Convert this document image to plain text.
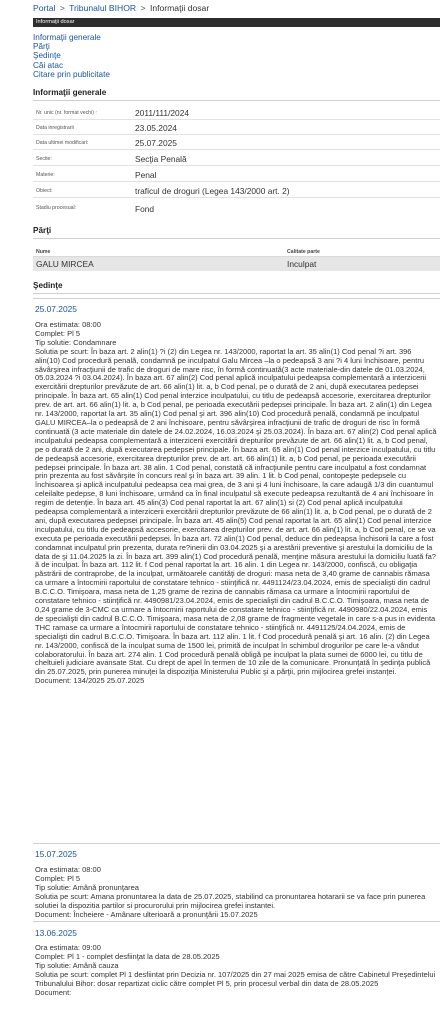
Portal > Tribunalul BIHOR > Informaţii dosar
Informaţii dosar
Informaţii generale
Părţi
Şedinţe
Căi atac
Citare prin publicitate
Informaţii generale
Nr. unic (nr. format vechi) :	2011/111/2024
Data inregistrarii	23.05.2024
Data ultimei modificari:	25.07.2025
Sectie:	Secţia Penală
Materie:	Penal
Obiect:	traficul de droguri (Legea 143/2000 art. 2)
Stadiu procesual:	Fond
Părţi
Nume	Calitate parte
GALU MIRCEA	Inculpat
Şedinţe
25.07.2025

Ora estimata: 08:00

Complet: Pl 5

Tip solutie: Condamnare

Solutia pe scurt: În baza art. 2 alin(1) ?i (2) din Legea nr. 143/2000, raportat la art. 35 alin(1) Cod penal ?i art. 396 alin(10) Cod procedură penală, condamnă pe inculpatul Galu Mircea –la o pedeapsă 3 ani ?i 4 luni închisoare, pentru săvârşirea infracţiunii de trafic de droguri de mare risc, în formă continuată(3 acte materiale-din datele de 01.03.2024, 05.03.2024 ?i 03.04.2024). În baza art. 67 alin(2) Cod penal aplică inculpatului pedeapsa complementară a interzicerii exercitării drepturilor prevăzute de art. 66 alin(1) lit. a, b Cod penal, pe o durată de 2 ani, după executarea pedepsei principale. În baza art. 65 alin(1) Cod penal interzice inculpatului, cu titlu de pedeapsă accesorie, exercitarea drepturilor prev. de art. art. 66 alin(1) lit. a, b Cod penal, pe perioada executării pedepsei principale. În baza art. 2 alin(1) din Legea nr. 143/2000, raportat la art. 35 alin(1) Cod penal şi art. 396 alin(10) Cod procedură penală, condamnă pe inculpatul GALU MIRCEA–la o pedeapsă de 2 ani închisoare, pentru săvârşirea infracţiunii de trafic de droguri de risc în formă continuată (3 acte materiale din datele de 24.02.2024, 16.03.2024 şi 25.03.2024). În baza art. 67 alin(2) Cod penal aplică inculpatului pedeapsa complementară a interzicerii exercitării drepturilor prevăzute de art. 66 alin(1) lit. a, b Cod penal, pe o durată de 2 ani, după executarea pedepsei principale. În baza art. 65 alin(1) Cod penal interzice inculpatului, cu titlu de pedeapsă accesorie, exercitarea drepturilor prev. de art. art. 66 alin(1) lit. a, b Cod penal, pe perioada executării pedepsei principale. În baza art. 38 alin. 1 Cod penal, constată că infracţiunile pentru care inculpatul a fost condamnat prin prezenta au fost săvârşite în concurs real şi în baza art. 39 alin. 1 lit. b Cod penal, contopeşte pedepsele cu închisoarea şi aplică inculpatului pedeapsa cea mai grea, de 3 ani şi 4 luni închisoare, la care adaugă 1/3 din cuantumul celeilalte pedepse, 8 luni închisoare, urmând ca în final inculpatul să execute pedeapsa rezultantă de 4 ani închisoare în regim de detenţie. În baza art. 45 alin(3) Cod penal raportat la art. 67 alin(1) si (2) Cod penal aplică inculpatului pedeapsa complementară a interzicerii exercitării drepturilor prevăzute de 66 alin(1) lit. a, b Cod penal, pe o durată de 2 ani, după executarea pedepsei principale. În baza art. 45 alin(5) Cod penal raportat la art. 65 alin(1) Cod penal interzice inculpatului, cu titlu de pedeapsă accesorie, exercitarea drepturilor prev. de art. art. 66 alin(1) lit. a, b Cod penal, ce se va executa pe perioada executării pedepsei. În baza art. 72 alin(1) Cod penal, deduce din pedeapsa închisorii la care a fost condamnat inculpatul prin prezenta, durata re?inerii din 03.04.2025 şi a arestării preventive şi arestului la domiciliu de la data de şi 11.04.2025 la zi. În baza art. 399 alin(1) Cod procedură penală, menţine măsura arestului la domiciliu luată fa?ă de inculpat. În baza art. 112 lit. f Cod penal raportat la art. 16 alin. 1 din Legea nr. 143/2000, confiscă, cu obligaţia păstrării de contraprobe, de la inculpat, următoarele cantităţi de droguri: masa neta de 3,40 grame de cannabis rămasa ca urmare a întocmirii raportului de constatare tehnico - stiinţifică nr. 4491124/23.04.2024, emis de specialişti din cadrul B.C.C.O. Timişoara, masa neta de 1,25 grame de rezina de cannabis rămasa ca urmare a întocmirii raportului de constatare tehnico - stiinţifică nr. 4490981/23.04.2024, emis de specialişti din cadrul B.C.C.O. Timişoara, masa neta de 0,24 grame de 3-CMC ca urmare a întocmirii raportului de constatare tehnico - stiinţifică nr. 4490980/22.04.2024, emis de specialişti din cadrul B.C.C.O. Timişoara, masa neta de 2,08 grame de fragmente vegetale in care s-a pus in evidenta THC ramase ca urmare a întocmirii raportului de constatare tehnico - stiinţifică nr. 4491125/24.04.2024, emis de specialişti din cadrul B.C.C.O. Timişoara. În baza art. 112 alin. 1 lit. f Cod procedură penală şi art. 16 alin. (2) din Legea nr. 143/2000, confiscă de la inculpat suma de 1500 lei, primită de inculpat în schimbul drogurilor pe care le-a vândut colaboratorului. În baza art. 274 alin. 1 Cod procedură penală obligă pe inculpat la plata sumei de 6000 lei, cu titlu de cheltuieli judiciare avansate Stat. Cu drept de apel în termen de 10 zile de la comunicare. Pronunţată în şedinţa publică din 25.07.2025, prin punerea minuţei la dispoziţia Ministerului Public şi a părţii, prin mijlocirea grefei instanţei.

Document: 134/2025 25.07.2025

15.07.2025

Ora estimata: 08:00

Complet: Pl 5

Tip solutie: Amână pronunţarea

Solutia pe scurt: Amana pronuntarea la data de 25.07.2025, stabilind ca pronuntarea hotararii se va face prin punerea solutiei la dispozitia partilor si procurorului prin mijlocirea grefei instantei.

Document: Încheiere - Amânare ulterioară a pronunţării 15.07.2025

13.06.2025

Ora estimata: 09:00

Complet: Pl 1 - complet desfiinţat la data de 28.05.2025

Tip solutie: Amână cauza

Solutia pe scurt: complet Pl 1 desfiintat prin Decizia nr. 107/2025 din 27 mai 2025 emisa de către Cabinetul Preşedintelui Tribunalului Bihor: dosar repartizat ciclic către complet Pl 5, prin procesul verbal din data de 28.05.2025

Document:
